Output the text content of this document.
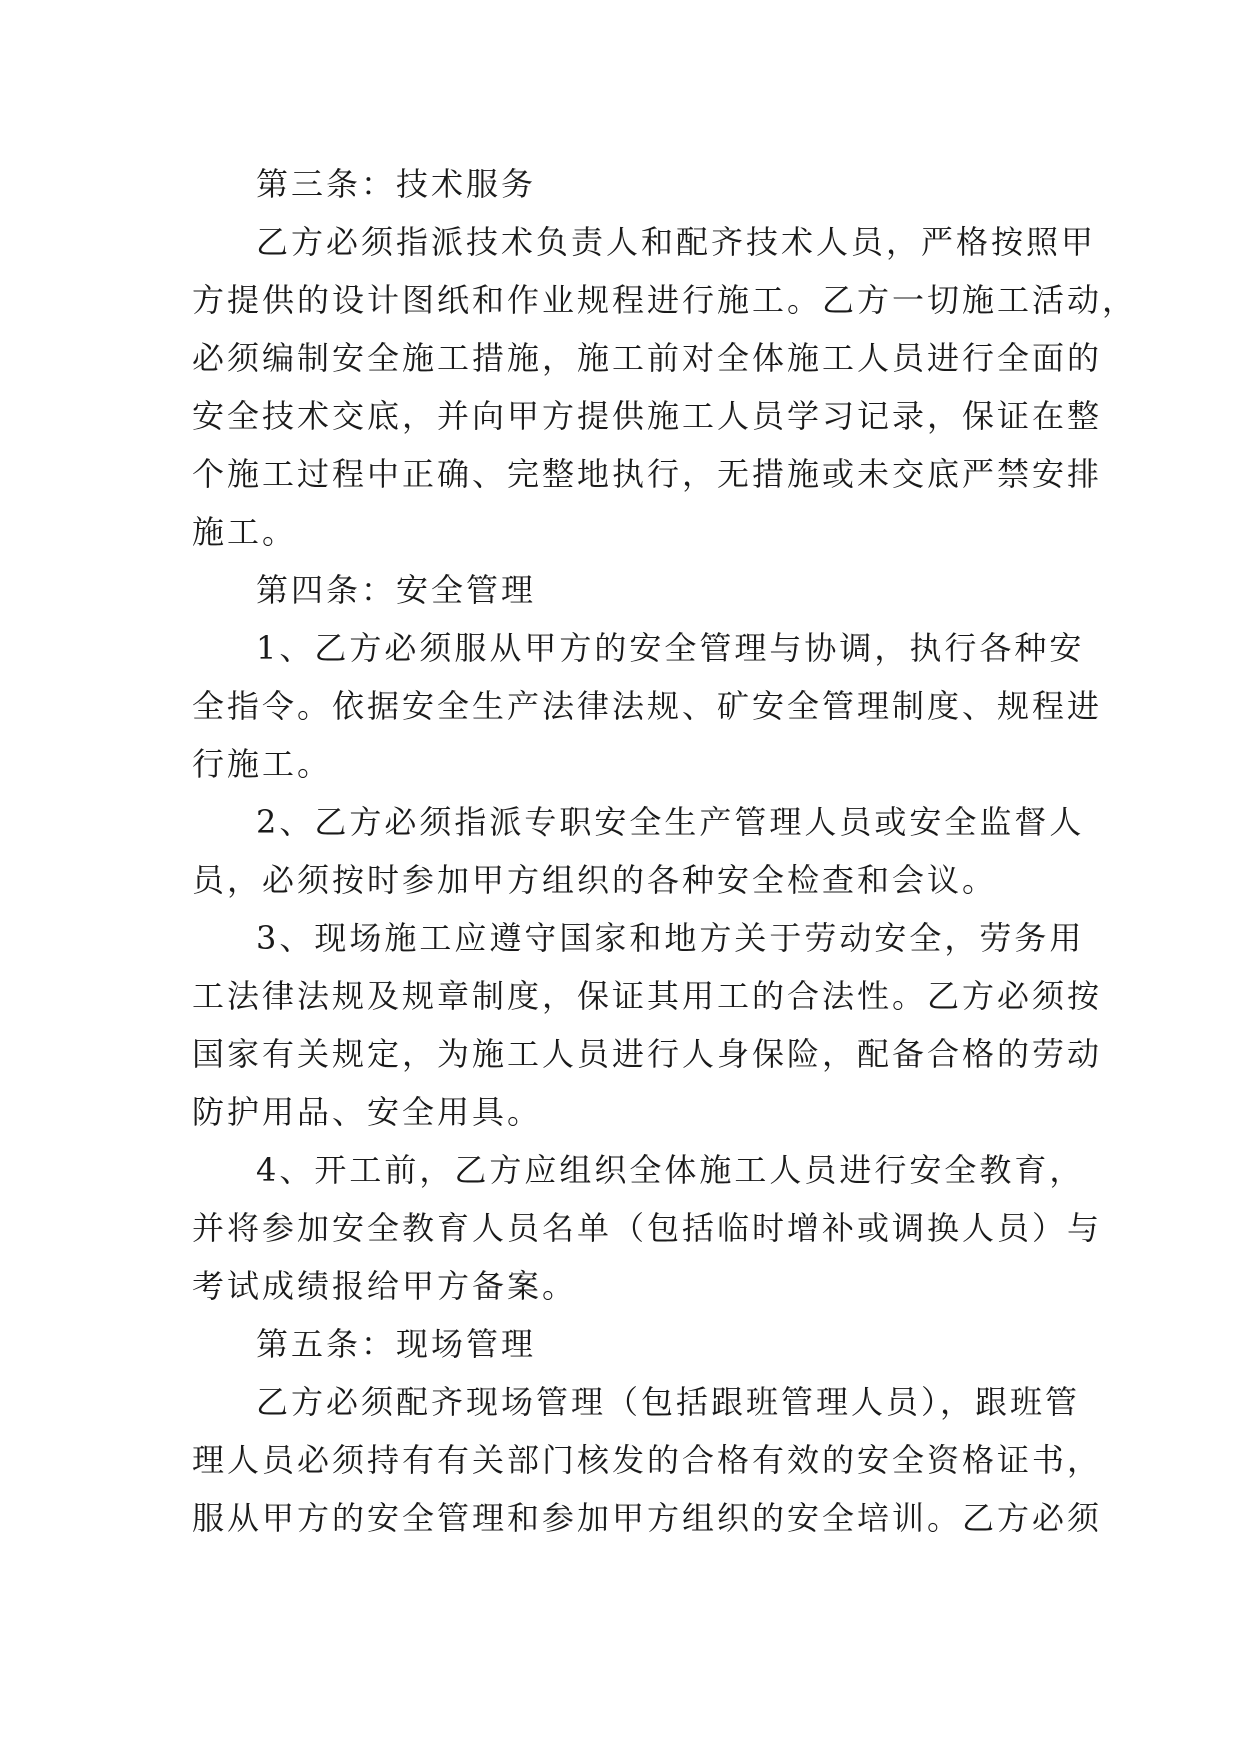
第三条：技术服务
乙方必须指派技术负责人和配齐技术人员，严格按照甲
方提供的设计图纸和作业规程进行施工。乙方一切施工活动，
必须编制安全施工措施，施工前对全体施工人员进行全面的
安全技术交底，并向甲方提供施工人员学习记录，保证在整
个施工过程中正确、完整地执行，无措施或未交底严禁安排
施工。
第四条：安全管理
1、乙方必须服从甲方的安全管理与协调，执行各种安
全指令。依据安全生产法律法规、矿安全管理制度、规程进
行施工。
2、乙方必须指派专职安全生产管理人员或安全监督人
员，必须按时参加甲方组织的各种安全检查和会议。
3、现场施工应遵守国家和地方关于劳动安全，劳务用
工法律法规及规章制度，保证其用工的合法性。乙方必须按
国家有关规定，为施工人员进行人身保险，配备合格的劳动
防护用品、安全用具。
4、开工前，乙方应组织全体施工人员进行安全教育，
并将参加安全教育人员名单（包括临时增补或调换人员）与
考试成绩报给甲方备案。
第五条：现场管理
乙方必须配齐现场管理（包括跟班管理人员），跟班管
理人员必须持有有关部门核发的合格有效的安全资格证书，
服从甲方的安全管理和参加甲方组织的安全培训。乙方必须
